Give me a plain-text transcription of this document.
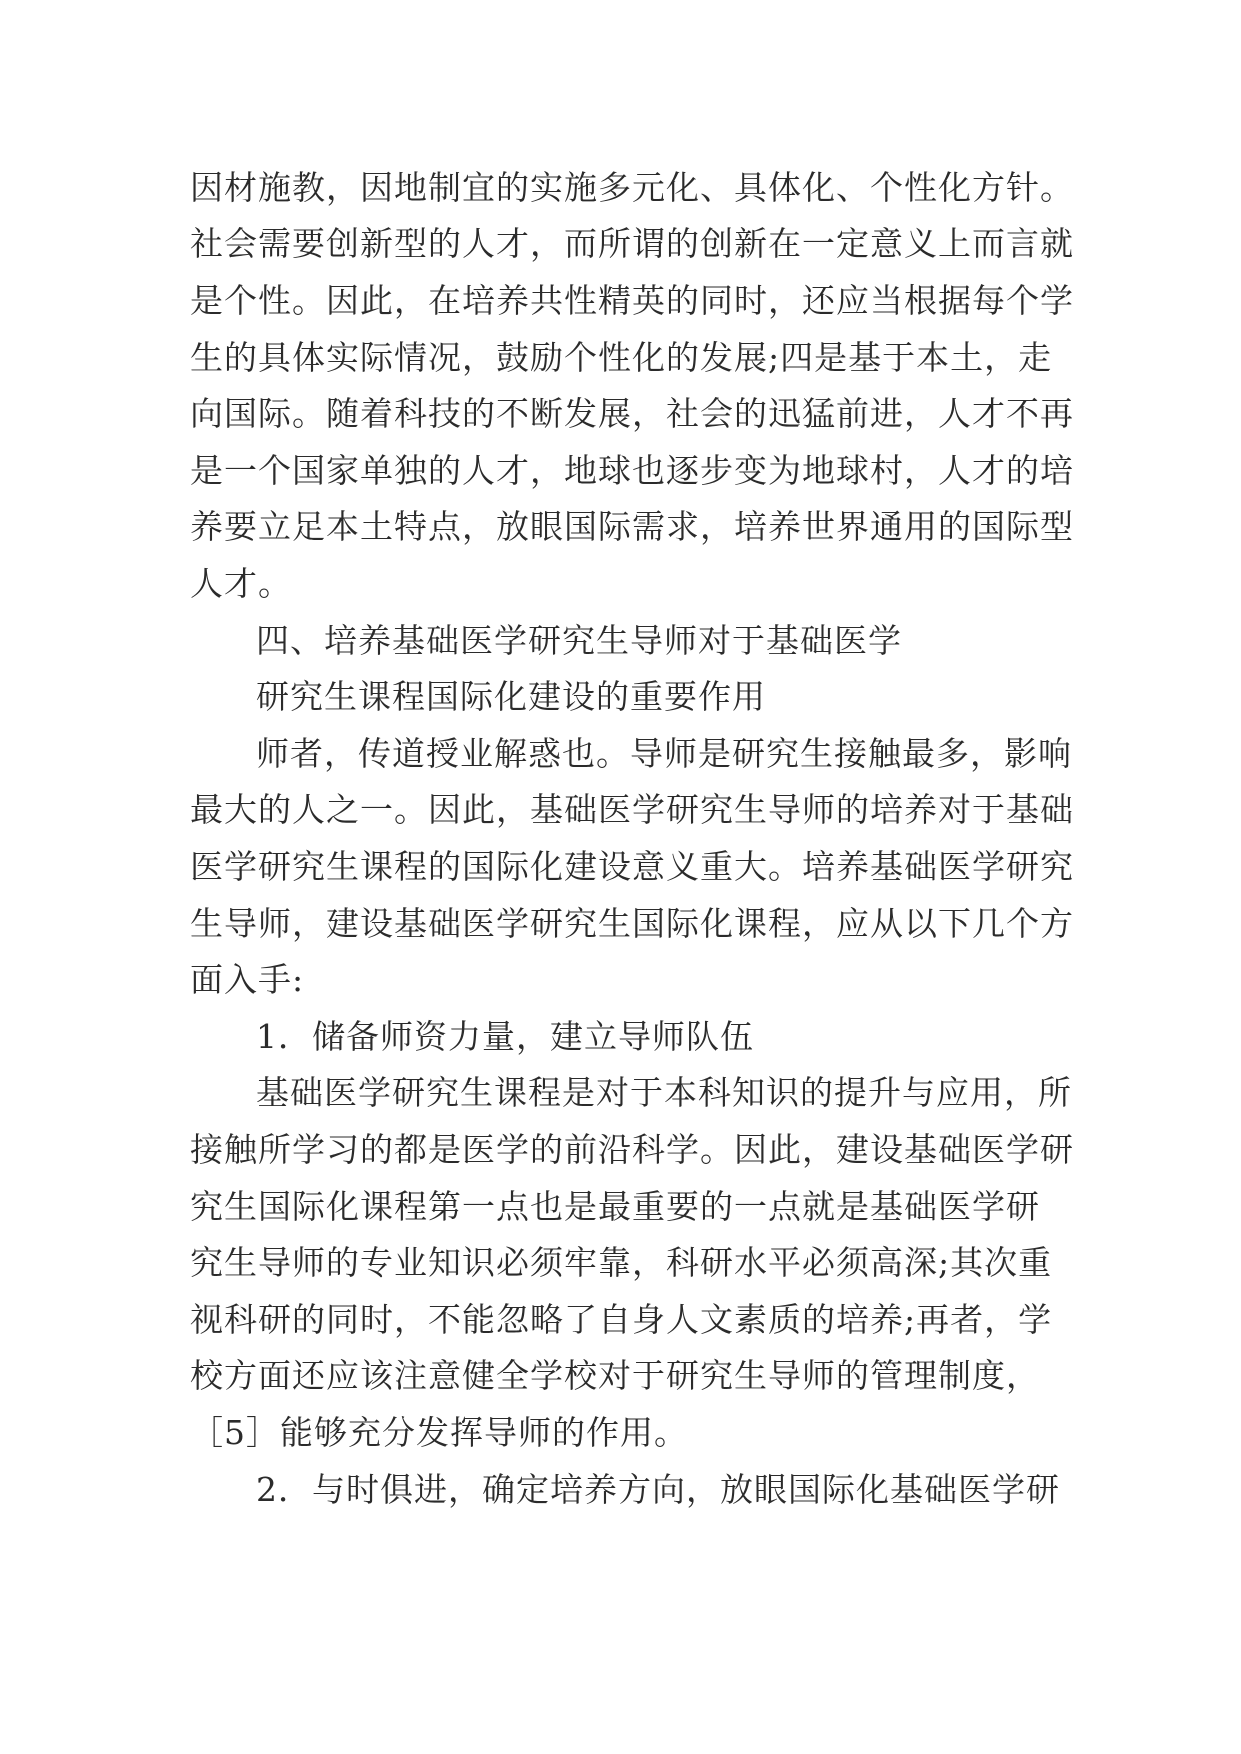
因材施教，因地制宜的实施多元化、具体化、个性化方针。
社会需要创新型的人才，而所谓的创新在一定意义上而言就
是个性。因此，在培养共性精英的同时，还应当根据每个学
生的具体实际情况，鼓励个性化的发展;四是基于本土，走
向国际。随着科技的不断发展，社会的迅猛前进，人才不再
是一个国家单独的人才，地球也逐步变为地球村，人才的培
养要立足本土特点，放眼国际需求，培养世界通用的国际型
人才。
四、培养基础医学研究生导师对于基础医学
研究生课程国际化建设的重要作用
师者，传道授业解惑也。导师是研究生接触最多，影响
最大的人之一。因此，基础医学研究生导师的培养对于基础
医学研究生课程的国际化建设意义重大。培养基础医学研究
生导师，建设基础医学研究生国际化课程，应从以下几个方
面入手:
1．储备师资力量，建立导师队伍
基础医学研究生课程是对于本科知识的提升与应用，所
接触所学习的都是医学的前沿科学。因此，建设基础医学研
究生国际化课程第一点也是最重要的一点就是基础医学研
究生导师的专业知识必须牢靠，科研水平必须高深;其次重
视科研的同时，不能忽略了自身人文素质的培养;再者，学
校方面还应该注意健全学校对于研究生导师的管理制度，
［5］能够充分发挥导师的作用。
2．与时俱进，确定培养方向，放眼国际化基础医学研
